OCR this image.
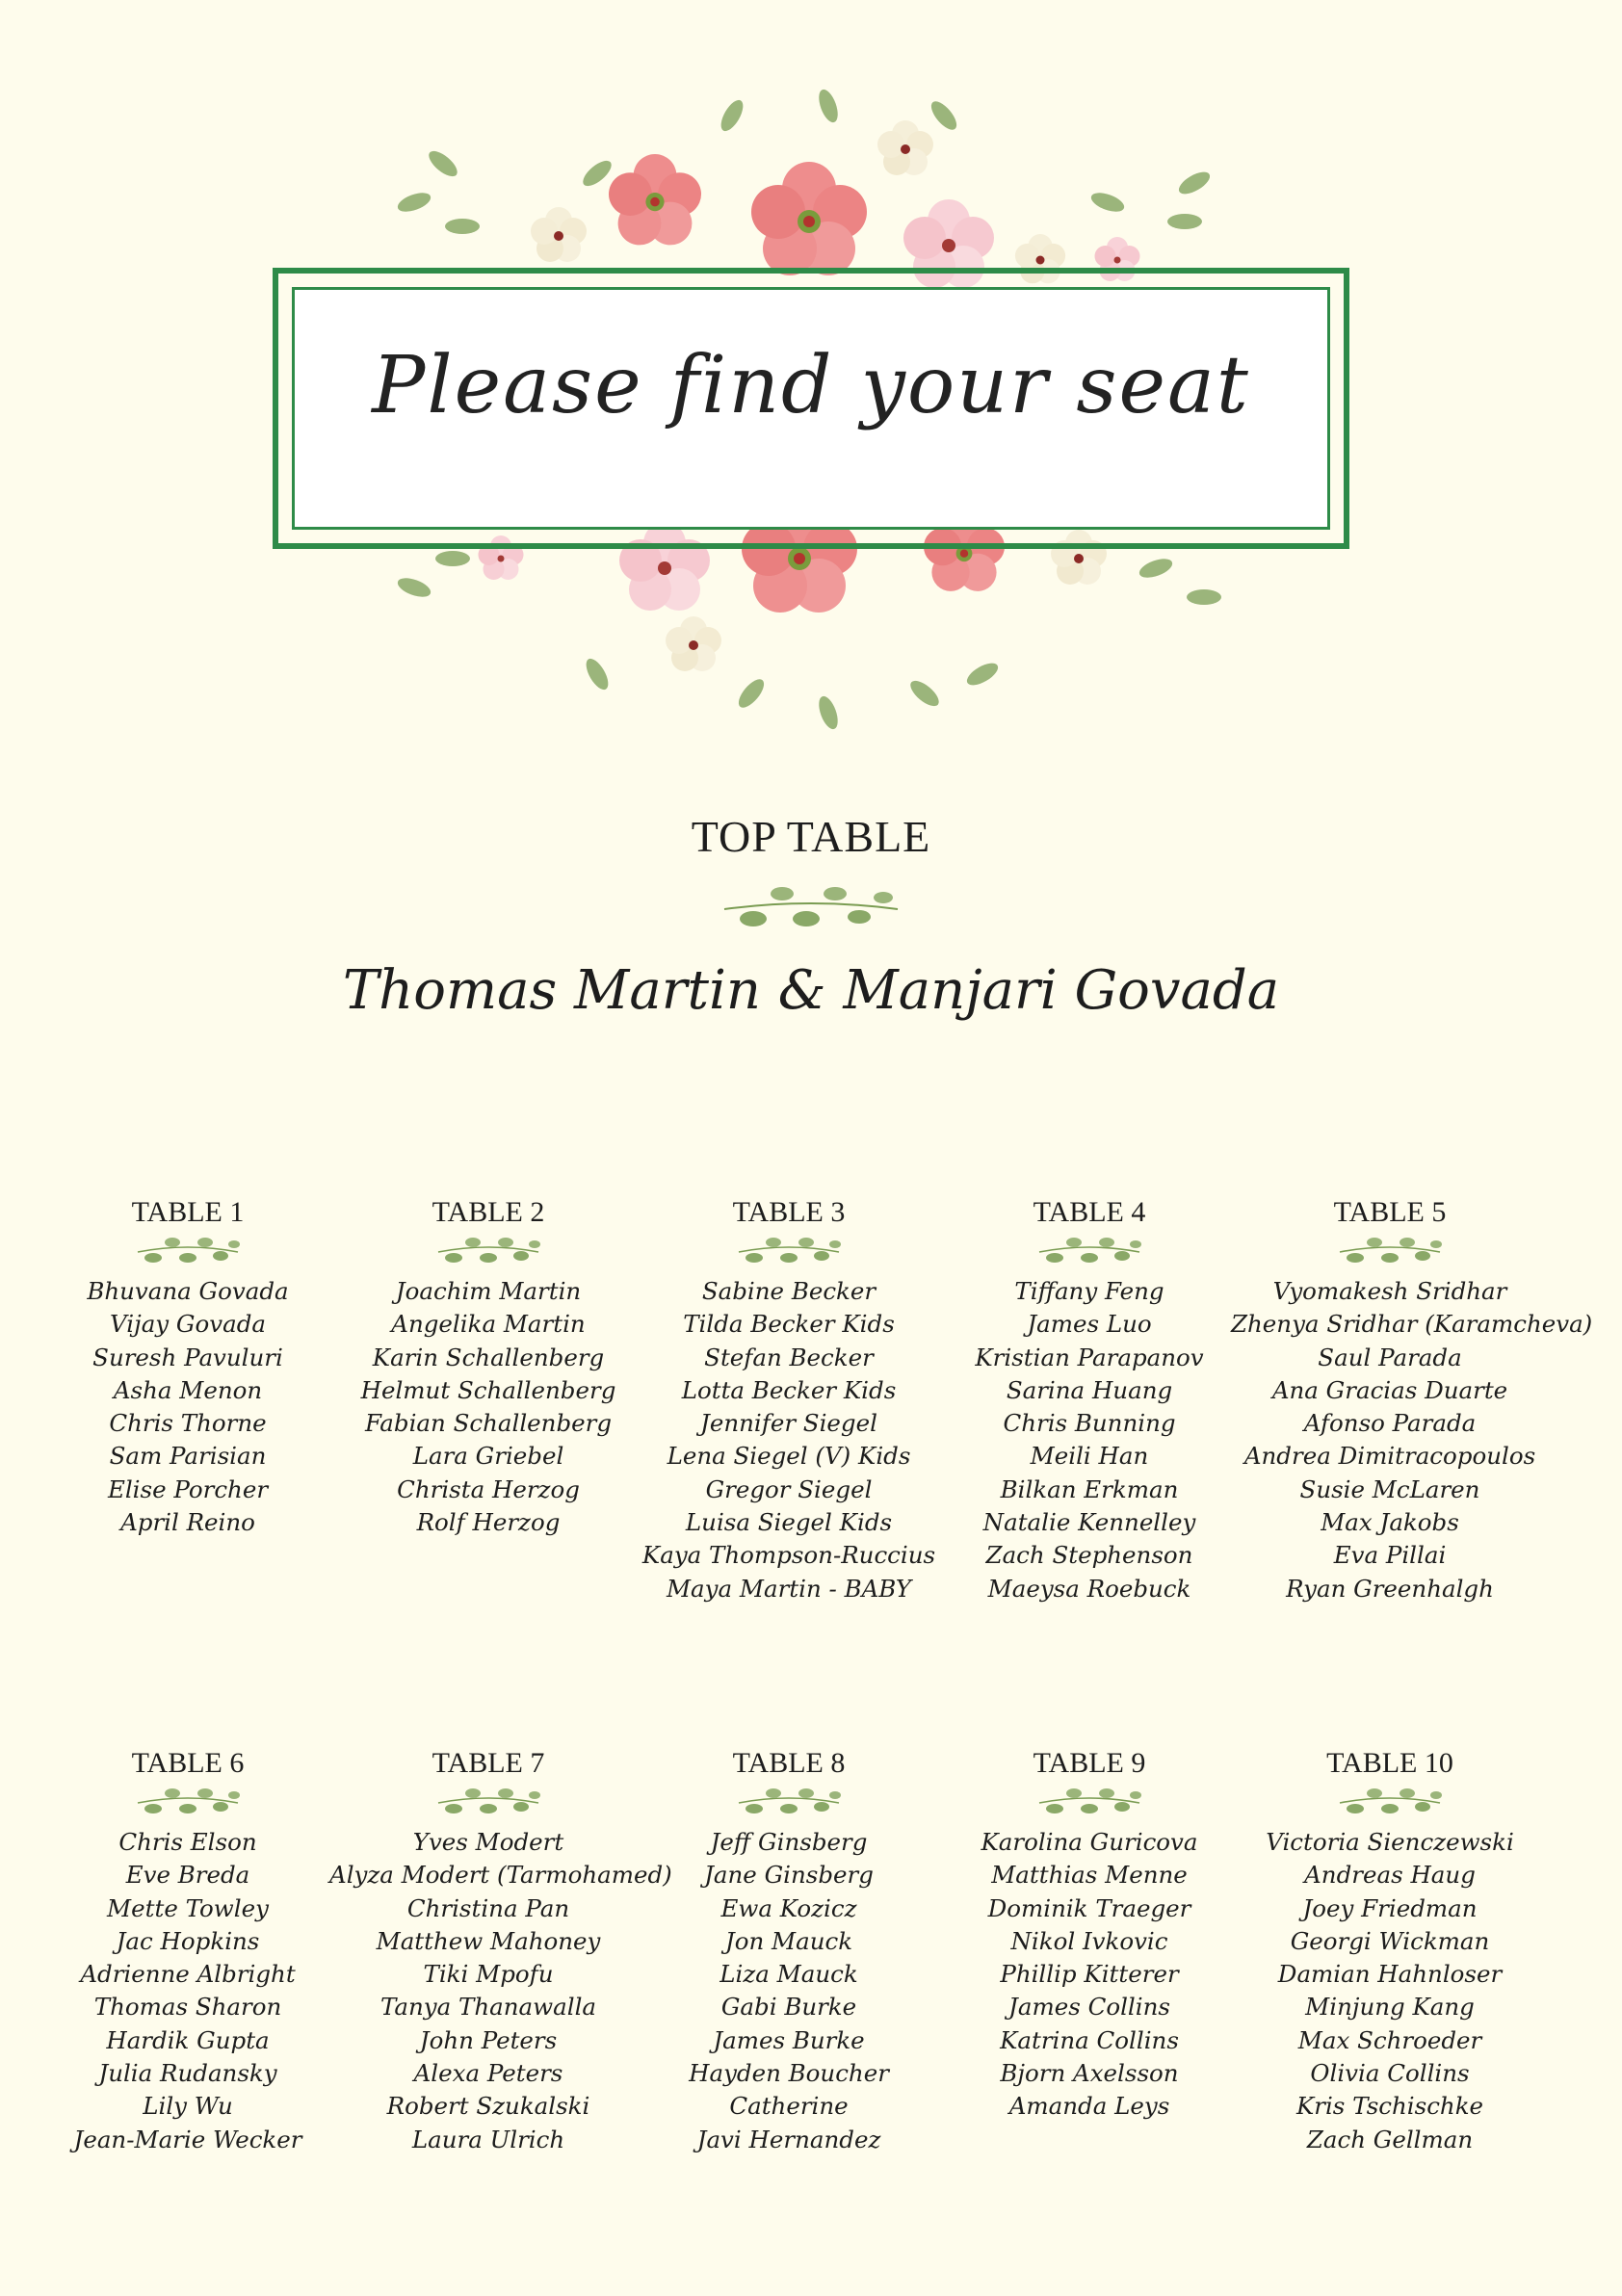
Please find your seat
TOP TABLE
Thomas Martin & Manjari Govada
TABLE 1
Bhuvana Govada
Vijay Govada
Suresh Pavuluri
Asha Menon
Chris Thorne
Sam Parisian
Elise Porcher
April Reino
TABLE 2
Joachim Martin
Angelika Martin
Karin Schallenberg
Helmut Schallenberg
Fabian Schallenberg
Lara Griebel
Christa Herzog
Rolf Herzog
TABLE 3
Sabine Becker
Tilda Becker Kids
Stefan Becker
Lotta Becker Kids
Jennifer Siegel
Lena Siegel (V) Kids
Gregor Siegel
Luisa Siegel Kids
Kaya Thompson-Ruccius
Maya Martin - BABY
TABLE 4
Tiffany Feng
James Luo
Kristian Parapanov
Sarina Huang
Chris Bunning
Meili Han
Bilkan Erkman
Natalie Kennelley
Zach Stephenson
Maeysa Roebuck
TABLE 5
Vyomakesh Sridhar
Zhenya Sridhar (Karamcheva)
Saul Parada
Ana Gracias Duarte
Afonso Parada
Andrea Dimitracopoulos
Susie McLaren
Max Jakobs
Eva Pillai
Ryan Greenhalgh
TABLE 6
Chris Elson
Eve Breda
Mette Towley
Jac Hopkins
Adrienne Albright
Thomas Sharon
Hardik Gupta
Julia Rudansky
Lily Wu
Jean-Marie Wecker
TABLE 7
Yves Modert
Alyza Modert (Tarmohamed)
Christina Pan
Matthew Mahoney
Tiki Mpofu
Tanya Thanawalla
John Peters
Alexa Peters
Robert Szukalski
Laura Ulrich
TABLE 8
Jeff Ginsberg
Jane Ginsberg
Ewa Kozicz
Jon Mauck
Liza Mauck
Gabi Burke
James Burke
Hayden Boucher
Catherine
Javi Hernandez
TABLE 9
Karolina Guricova
Matthias Menne
Dominik Traeger
Nikol Ivkovic
Phillip Kitterer
James Collins
Katrina Collins
Bjorn Axelsson
Amanda Leys
TABLE 10
Victoria Sienczewski
Andreas Haug
Joey Friedman
Georgi Wickman
Damian Hahnloser
Minjung Kang
Max Schroeder
Olivia Collins
Kris Tschischke
Zach Gellman
